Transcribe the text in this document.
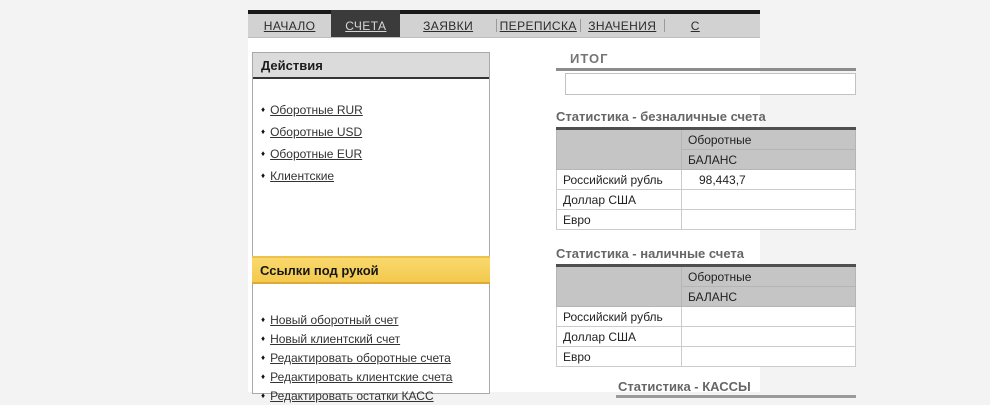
НАЧАЛО	СЧЕТА	ЗАЯВКИ	ПЕРЕПИСКА ЗНАЧЕНИЯ	С
Действия
♦ Оборотные RUR
♦ Оборотные USD
♦ Оборотные EUR
♦ Клиентские
Ссылки под рукой
♦ Новый оборотный счет
♦ Новый клиентский счет
♦ Редактировать оборотные счета
♦ Редактировать клиентские счета
♦ Редактировать остатки КАСС
ИТОГ
Статистика - безналичные счета
	Оборотные
	БАЛАНС
Российский рубль	98,443,7
Доллар США	
Евро	
Статистика - наличные счета
	Оборотные
	БАЛАНС
Российский рубль	
Доллар США	
Евро	
Статистика - КАССЫ
